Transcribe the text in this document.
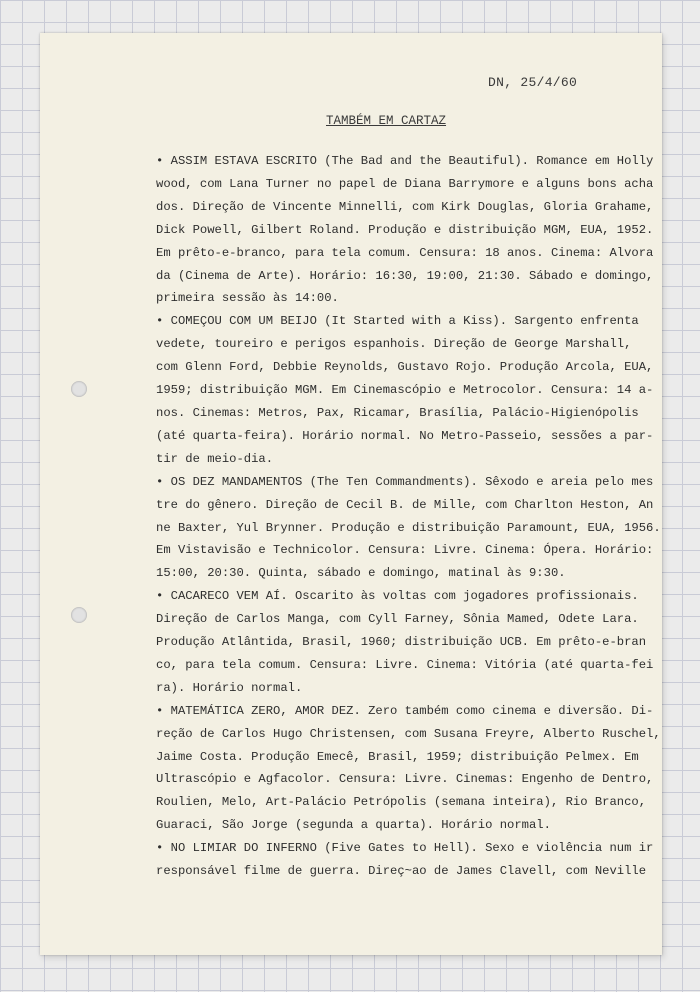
DN, 25/4/60
TAMBÉM EM CARTAZ
• ASSIM ESTAVA ESCRITO (The Bad and the Beautiful). Romance em Holly
wood, com Lana Turner no papel de Diana Barrymore e alguns bons acha
dos. Direção de Vincente Minnelli, com Kirk Douglas, Gloria Grahame,
Dick Powell, Gilbert Roland. Produção e distribuição MGM, EUA, 1952.
Em prêto-e-branco, para tela comum. Censura: 18 anos. Cinema: Alvora
da (Cinema de Arte). Horário: 16:30, 19:00, 21:30. Sábado e domingo,
primeira sessão às 14:00.
• COMEÇOU COM UM BEIJO (It Started with a Kiss). Sargento enfrenta
vedete, toureiro e perigos espanhois. Direção de George Marshall,
com Glenn Ford, Debbie Reynolds, Gustavo Rojo. Produção Arcola, EUA,
1959; distribuição MGM. Em Cinemascópio e Metrocolor. Censura: 14 a-
nos. Cinemas: Metros, Pax, Ricamar, Brasília, Palácio-Higienópolis
(até quarta-feira). Horário normal. No Metro-Passeio, sessões a par-
tir de meio-dia.
• OS DEZ MANDAMENTOS (The Ten Commandments). Sêxodo e areia pelo mes
tre do gênero. Direção de Cecil B. de Mille, com Charlton Heston, An
ne Baxter, Yul Brynner. Produção e distribuição Paramount, EUA, 1956.
Em Vistavisão e Technicolor. Censura: Livre. Cinema: Ópera. Horário:
15:00, 20:30. Quinta, sábado e domingo, matinal às 9:30.
• CACARECO VEM AÍ. Oscarito às voltas com jogadores profissionais.
Direção de Carlos Manga, com Cyll Farney, Sônia Mamed, Odete Lara.
Produção Atlântida, Brasil, 1960; distribuição UCB. Em prêto-e-bran
co, para tela comum. Censura: Livre. Cinema: Vitória (até quarta-fei
ra). Horário normal.
• MATEMÁTICA ZERO, AMOR DEZ. Zero também como cinema e diversão. Di-
reção de Carlos Hugo Christensen, com Susana Freyre, Alberto Ruschel,
Jaime Costa. Produção Emecê, Brasil, 1959; distribuição Pelmex. Em
Ultrascópio e Agfacolor. Censura: Livre. Cinemas: Engenho de Dentro,
Roulien, Melo, Art-Palácio Petrópolis (semana inteira), Rio Branco,
Guaraci, São Jorge (segunda a quarta). Horário normal.
• NO LIMIAR DO INFERNO (Five Gates to Hell). Sexo e violência num ir
responsável filme de guerra. Direç~ao de James Clavell, com Neville
